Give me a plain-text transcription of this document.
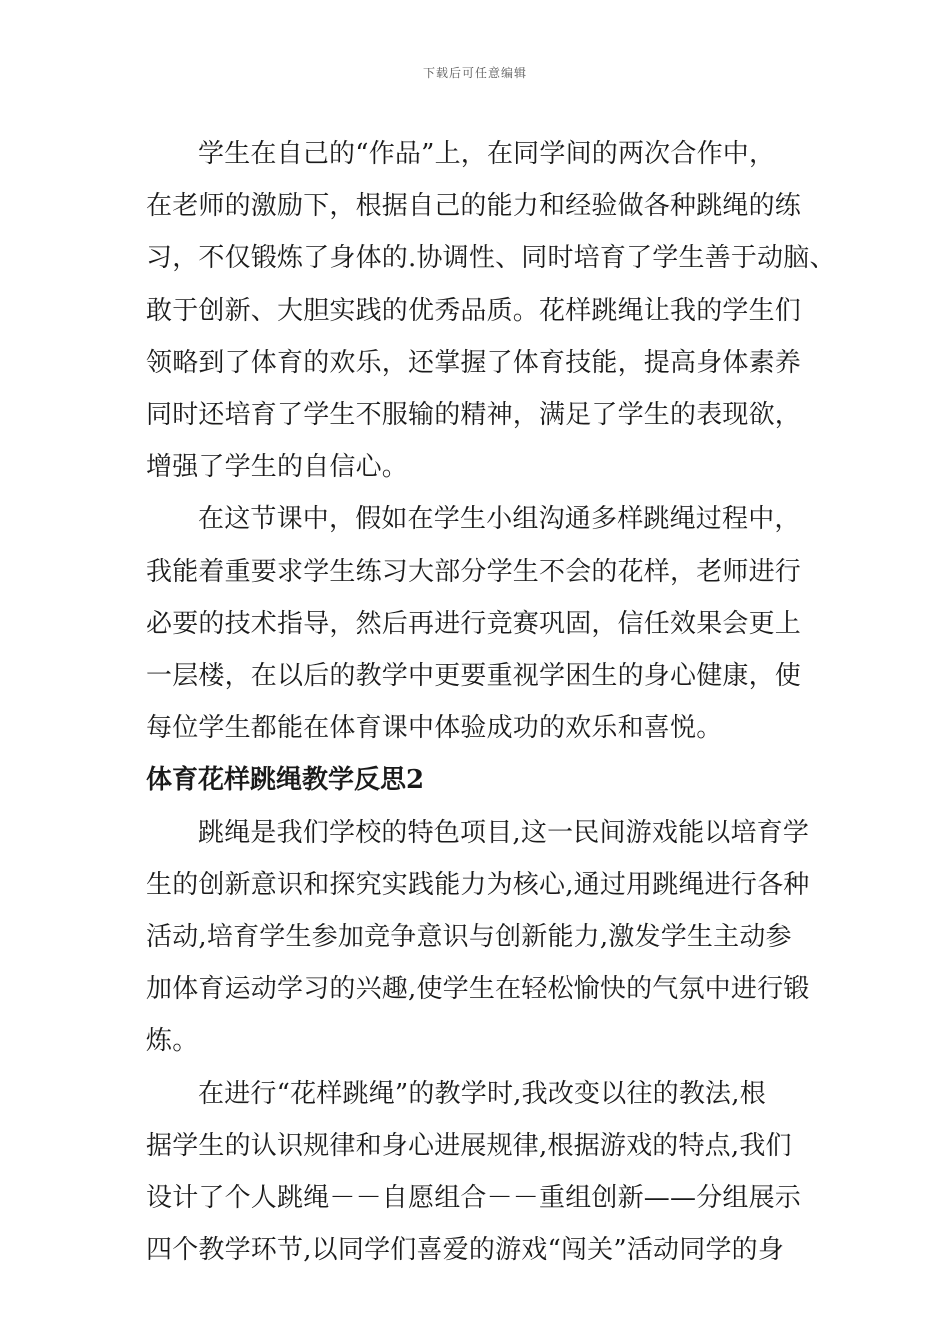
下载后可任意编辑

学生在自己的“作品”上，在同学间的两次合作中，
在老师的激励下，根据自己的能力和经验做各种跳绳的练
习，不仅锻炼了身体的.协调性、同时培育了学生善于动脑、
敢于创新、大胆实践的优秀品质。花样跳绳让我的学生们
领略到了体育的欢乐，还掌握了体育技能，提高身体素养
同时还培育了学生不服输的精神，满足了学生的表现欲，
增强了学生的自信心。

在这节课中，假如在学生小组沟通多样跳绳过程中，
我能着重要求学生练习大部分学生不会的花样，老师进行
必要的技术指导，然后再进行竞赛巩固，信任效果会更上
一层楼，在以后的教学中更要重视学困生的身心健康，使
每位学生都能在体育课中体验成功的欢乐和喜悦。

体育花样跳绳教学反思2

跳绳是我们学校的特色项目,这一民间游戏能以培育学
生的创新意识和探究实践能力为核心,通过用跳绳进行各种
活动,培育学生参加竞争意识与创新能力,激发学生主动参
加体育运动学习的兴趣,使学生在轻松愉快的气氛中进行锻
炼。

在进行“花样跳绳”的教学时,我改变以往的教法,根
据学生的认识规律和身心进展规律,根据游戏的特点,我们
设计了个人跳绳－－自愿组合－－重组创新——分组展示
四个教学环节,以同学们喜爱的游戏“闯关”活动同学的身
